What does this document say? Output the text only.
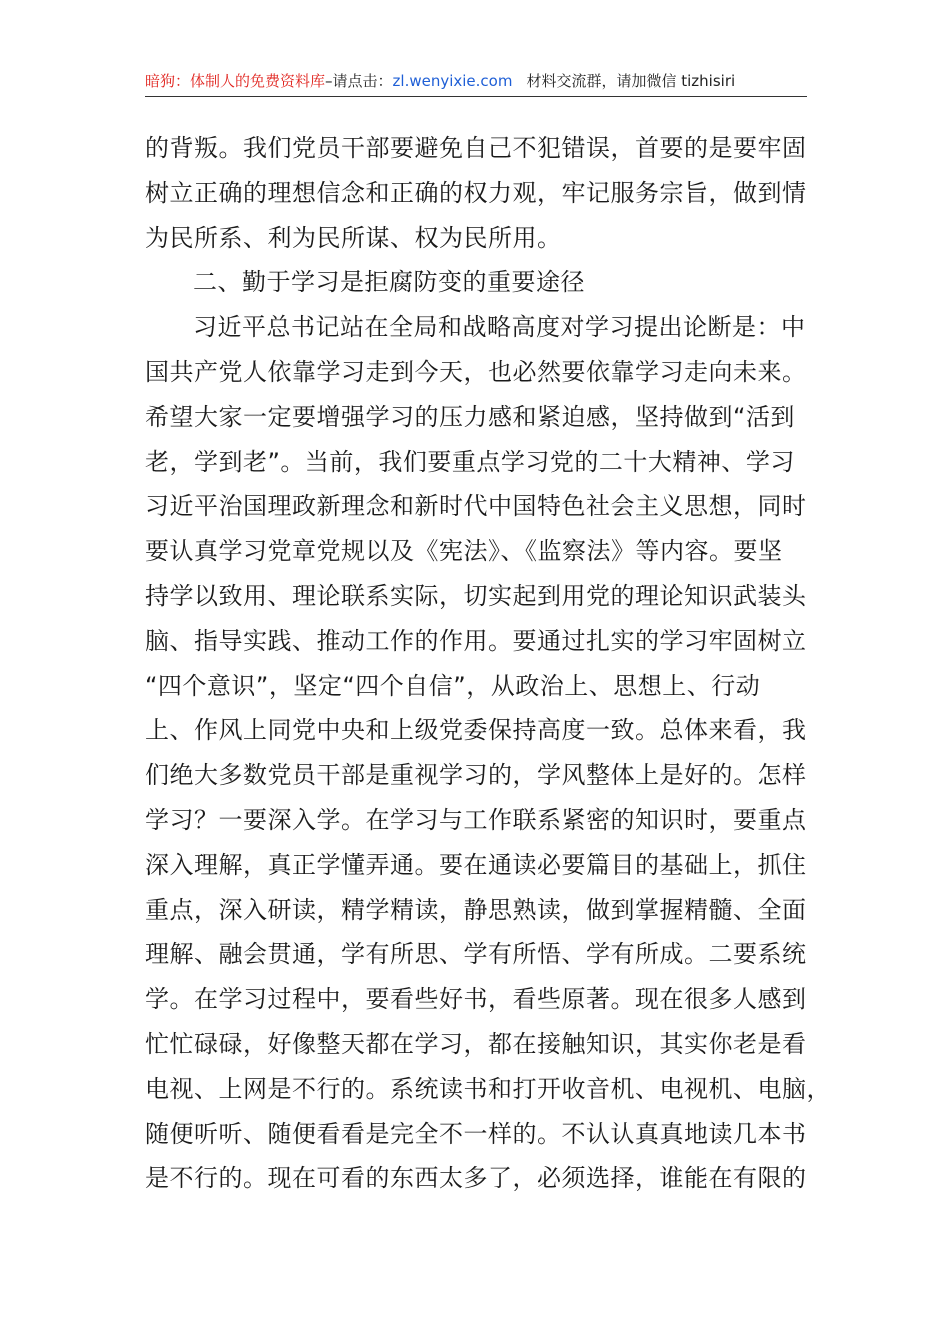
暗狗：体制人的免费资料库–请点击：zl.wenyixie.com 材料交流群，请加微信 tizhisiri
的背叛。我们党员干部要避免自己不犯错误，首要的是要牢固
树立正确的理想信念和正确的权力观，牢记服务宗旨，做到情
为民所系、利为民所谋、权为民所用。
二、勤于学习是拒腐防变的重要途径
习近平总书记站在全局和战略高度对学习提出论断是：中
国共产党人依靠学习走到今天，也必然要依靠学习走向未来。
希望大家一定要增强学习的压力感和紧迫感，坚持做到“活到
老，学到老”。当前，我们要重点学习党的二十大精神、学习
习近平治国理政新理念和新时代中国特色社会主义思想，同时
要认真学习党章党规以及《宪法》、《监察法》等内容。要坚
持学以致用、理论联系实际，切实起到用党的理论知识武装头
脑、指导实践、推动工作的作用。要通过扎实的学习牢固树立
“四个意识”，坚定“四个自信”，从政治上、思想上、行动
上、作风上同党中央和上级党委保持高度一致。总体来看，我
们绝大多数党员干部是重视学习的，学风整体上是好的。怎样
学习？一要深入学。在学习与工作联系紧密的知识时，要重点
深入理解，真正学懂弄通。要在通读必要篇目的基础上，抓住
重点，深入研读，精学精读，静思熟读，做到掌握精髓、全面
理解、融会贯通，学有所思、学有所悟、学有所成。二要系统
学。在学习过程中，要看些好书，看些原著。现在很多人感到
忙忙碌碌，好像整天都在学习，都在接触知识，其实你老是看
电视、上网是不行的。系统读书和打开收音机、电视机、电脑，
随便听听、随便看看是完全不一样的。不认认真真地读几本书
是不行的。现在可看的东西太多了，必须选择，谁能在有限的
